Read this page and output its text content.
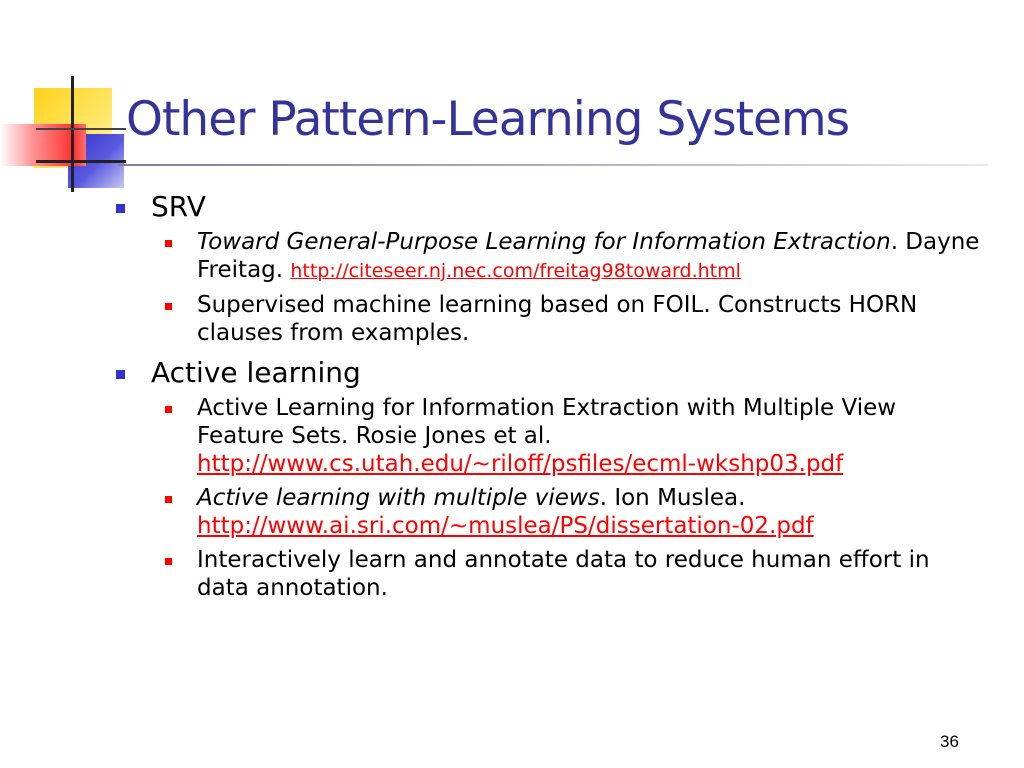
Other Pattern-Learning Systems
SRV
Toward General-Purpose Learning for Information Extraction. Dayne Freitag. http://citeseer.nj.nec.com/freitag98toward.html
Supervised machine learning based on FOIL. Constructs HORN clauses from examples.
Active learning
Active Learning for Information Extraction with Multiple View Feature Sets. Rosie Jones et al. http://www.cs.utah.edu/~riloff/psfiles/ecml-wkshp03.pdf
Active learning with multiple views. Ion Muslea. http://www.ai.sri.com/~muslea/PS/dissertation-02.pdf
Interactively learn and annotate data to reduce human effort in data annotation.
36
